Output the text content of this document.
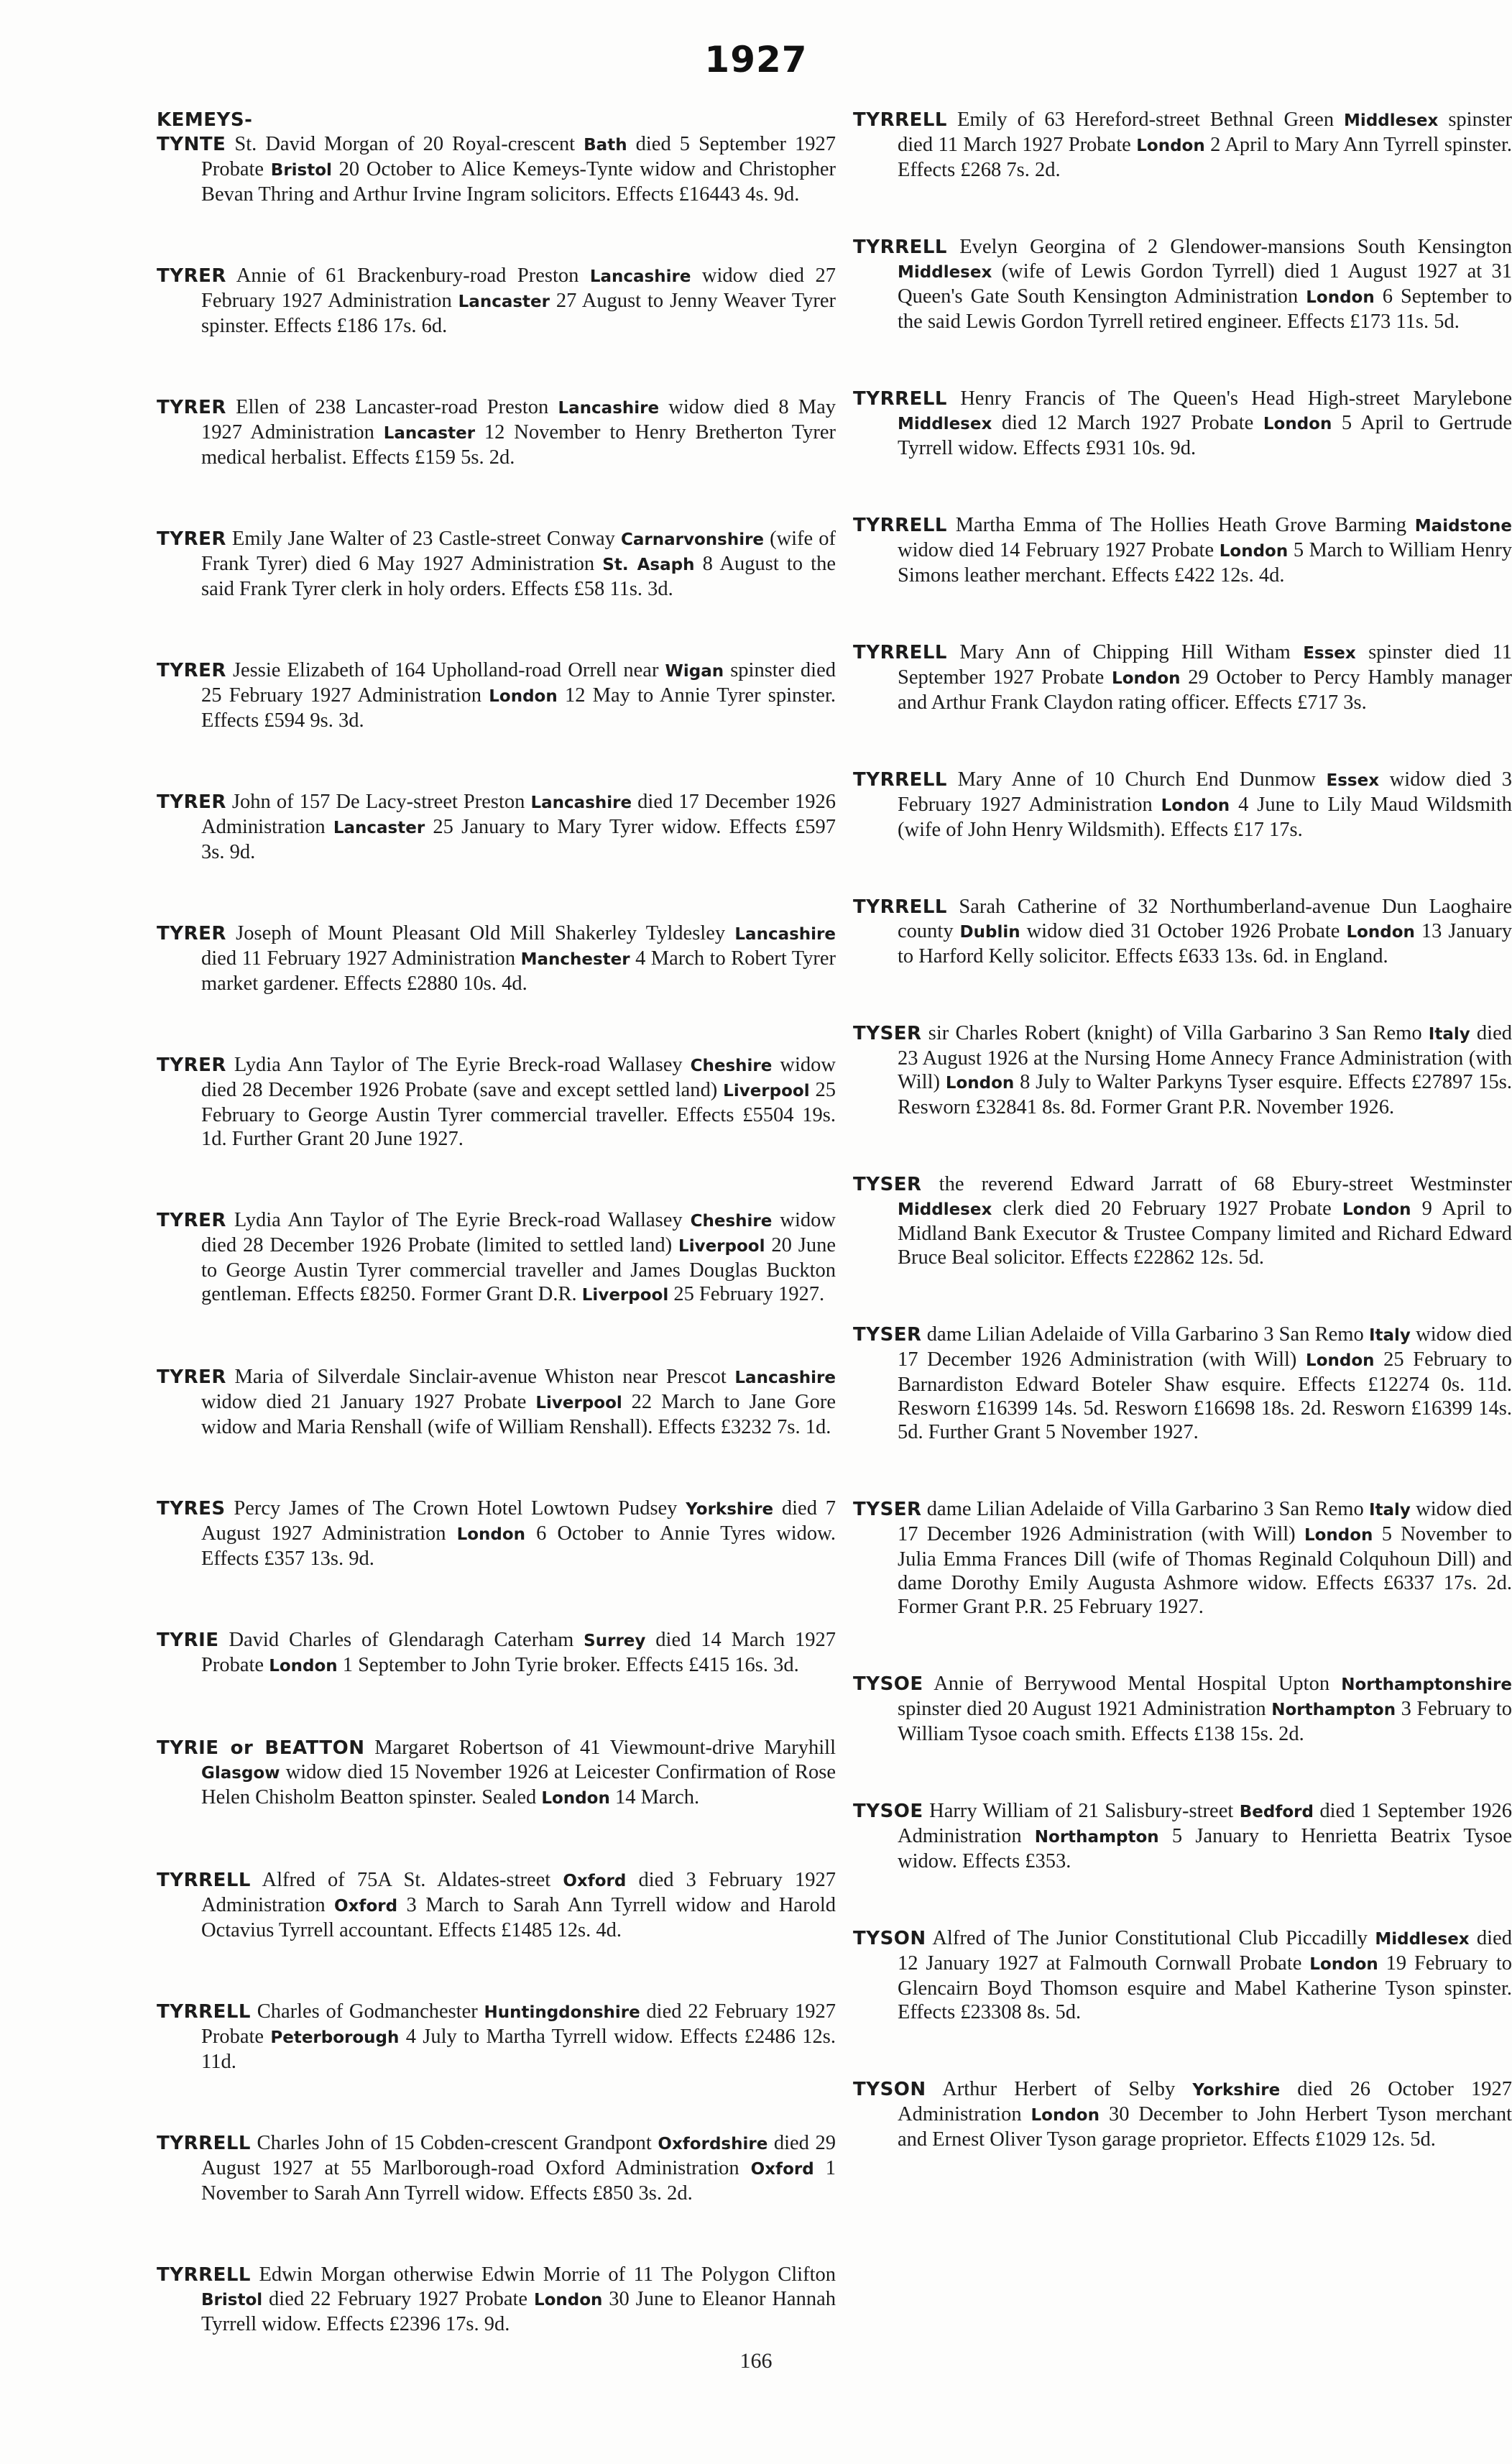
1927
KEMEYS-
TYNTE St. David Morgan of 20 Royal-crescent Bath died 5 September 1927 Probate Bristol 20 October to Alice Kemeys-Tynte widow and Christopher Bevan Thring and Arthur Irvine Ingram solicitors. Effects £16443 4s. 9d.
TYRER Annie of 61 Brackenbury-road Preston Lancashire widow died 27 February 1927 Administration Lancaster 27 August to Jenny Weaver Tyrer spinster. Effects £186 17s. 6d.
TYRER Ellen of 238 Lancaster-road Preston Lancashire widow died 8 May 1927 Administration Lancaster 12 November to Henry Bretherton Tyrer medical herbalist. Effects £159 5s. 2d.
TYRER Emily Jane Walter of 23 Castle-street Conway Carnarvonshire (wife of Frank Tyrer) died 6 May 1927 Administration St. Asaph 8 August to the said Frank Tyrer clerk in holy orders. Effects £58 11s. 3d.
TYRER Jessie Elizabeth of 164 Upholland-road Orrell near Wigan spinster died 25 February 1927 Administration London 12 May to Annie Tyrer spinster. Effects £594 9s. 3d.
TYRER John of 157 De Lacy-street Preston Lancashire died 17 December 1926 Administration Lancaster 25 January to Mary Tyrer widow. Effects £597 3s. 9d.
TYRER Joseph of Mount Pleasant Old Mill Shakerley Tyldesley Lancashire died 11 February 1927 Administration Manchester 4 March to Robert Tyrer market gardener. Effects £2880 10s. 4d.
TYRER Lydia Ann Taylor of The Eyrie Breck-road Wallasey Cheshire widow died 28 December 1926 Probate (save and except settled land) Liverpool 25 February to George Austin Tyrer commercial traveller. Effects £5504 19s. 1d. Further Grant 20 June 1927.
TYRER Lydia Ann Taylor of The Eyrie Breck-road Wallasey Cheshire widow died 28 December 1926 Probate (limited to settled land) Liverpool 20 June to George Austin Tyrer commercial traveller and James Douglas Buckton gentleman. Effects £8250. Former Grant D.R. Liverpool 25 February 1927.
TYRER Maria of Silverdale Sinclair-avenue Whiston near Prescot Lancashire widow died 21 January 1927 Probate Liverpool 22 March to Jane Gore widow and Maria Renshall (wife of William Renshall). Effects £3232 7s. 1d.
TYRES Percy James of The Crown Hotel Lowtown Pudsey Yorkshire died 7 August 1927 Administration London 6 October to Annie Tyres widow. Effects £357 13s. 9d.
TYRIE David Charles of Glendaragh Caterham Surrey died 14 March 1927 Probate London 1 September to John Tyrie broker. Effects £415 16s. 3d.
TYRIE or BEATTON Margaret Robertson of 41 Viewmount-drive Maryhill Glasgow widow died 15 November 1926 at Leicester Confirmation of Rose Helen Chisholm Beatton spinster. Sealed London 14 March.
TYRRELL Alfred of 75A St. Aldates-street Oxford died 3 February 1927 Administration Oxford 3 March to Sarah Ann Tyrrell widow and Harold Octavius Tyrrell accountant. Effects £1485 12s. 4d.
TYRRELL Charles of Godmanchester Huntingdonshire died 22 February 1927 Probate Peterborough 4 July to Martha Tyrrell widow. Effects £2486 12s. 11d.
TYRRELL Charles John of 15 Cobden-crescent Grandpont Oxfordshire died 29 August 1927 at 55 Marlborough-road Oxford Administration Oxford 1 November to Sarah Ann Tyrrell widow. Effects £850 3s. 2d.
TYRRELL Edwin Morgan otherwise Edwin Morrie of 11 The Polygon Clifton Bristol died 22 February 1927 Probate London 30 June to Eleanor Hannah Tyrrell widow. Effects £2396 17s. 9d.
TYRRELL Emily of 63 Hereford-street Bethnal Green Middlesex spinster died 11 March 1927 Probate London 2 April to Mary Ann Tyrrell spinster. Effects £268 7s. 2d.
TYRRELL Evelyn Georgina of 2 Glendower-mansions South Kensington Middlesex (wife of Lewis Gordon Tyrrell) died 1 August 1927 at 31 Queen's Gate South Kensington Administration London 6 September to the said Lewis Gordon Tyrrell retired engineer. Effects £173 11s. 5d.
TYRRELL Henry Francis of The Queen's Head High-street Marylebone Middlesex died 12 March 1927 Probate London 5 April to Gertrude Tyrrell widow. Effects £931 10s. 9d.
TYRRELL Martha Emma of The Hollies Heath Grove Barming Maidstone widow died 14 February 1927 Probate London 5 March to William Henry Simons leather merchant. Effects £422 12s. 4d.
TYRRELL Mary Ann of Chipping Hill Witham Essex spinster died 11 September 1927 Probate London 29 October to Percy Hambly manager and Arthur Frank Claydon rating officer. Effects £717 3s.
TYRRELL Mary Anne of 10 Church End Dunmow Essex widow died 3 February 1927 Administration London 4 June to Lily Maud Wildsmith (wife of John Henry Wildsmith). Effects £17 17s.
TYRRELL Sarah Catherine of 32 Northumberland-avenue Dun Laoghaire county Dublin widow died 31 October 1926 Probate London 13 January to Harford Kelly solicitor. Effects £633 13s. 6d. in England.
TYSER sir Charles Robert (knight) of Villa Garbarino 3 San Remo Italy died 23 August 1926 at the Nursing Home Annecy France Administration (with Will) London 8 July to Walter Parkyns Tyser esquire. Effects £27897 15s. Resworn £32841 8s. 8d. Former Grant P.R. November 1926.
TYSER the reverend Edward Jarratt of 68 Ebury-street Westminster Middlesex clerk died 20 February 1927 Probate London 9 April to Midland Bank Executor & Trustee Company limited and Richard Edward Bruce Beal solicitor. Effects £22862 12s. 5d.
TYSER dame Lilian Adelaide of Villa Garbarino 3 San Remo Italy widow died 17 December 1926 Administration (with Will) London 25 February to Barnardiston Edward Boteler Shaw esquire. Effects £12274 0s. 11d. Resworn £16399 14s. 5d. Resworn £16698 18s. 2d. Resworn £16399 14s. 5d. Further Grant 5 November 1927.
TYSER dame Lilian Adelaide of Villa Garbarino 3 San Remo Italy widow died 17 December 1926 Administration (with Will) London 5 November to Julia Emma Frances Dill (wife of Thomas Reginald Colquhoun Dill) and dame Dorothy Emily Augusta Ashmore widow. Effects £6337 17s. 2d. Former Grant P.R. 25 February 1927.
TYSOE Annie of Berrywood Mental Hospital Upton Northamptonshire spinster died 20 August 1921 Administration Northampton 3 February to William Tysoe coach smith. Effects £138 15s. 2d.
TYSOE Harry William of 21 Salisbury-street Bedford died 1 September 1926 Administration Northampton 5 January to Henrietta Beatrix Tysoe widow. Effects £353.
TYSON Alfred of The Junior Constitutional Club Piccadilly Middlesex died 12 January 1927 at Falmouth Cornwall Probate London 19 February to Glencairn Boyd Thomson esquire and Mabel Katherine Tyson spinster. Effects £23308 8s. 5d.
TYSON Arthur Herbert of Selby Yorkshire died 26 October 1927 Administration London 30 December to John Herbert Tyson merchant and Ernest Oliver Tyson garage proprietor. Effects £1029 12s. 5d.
166
